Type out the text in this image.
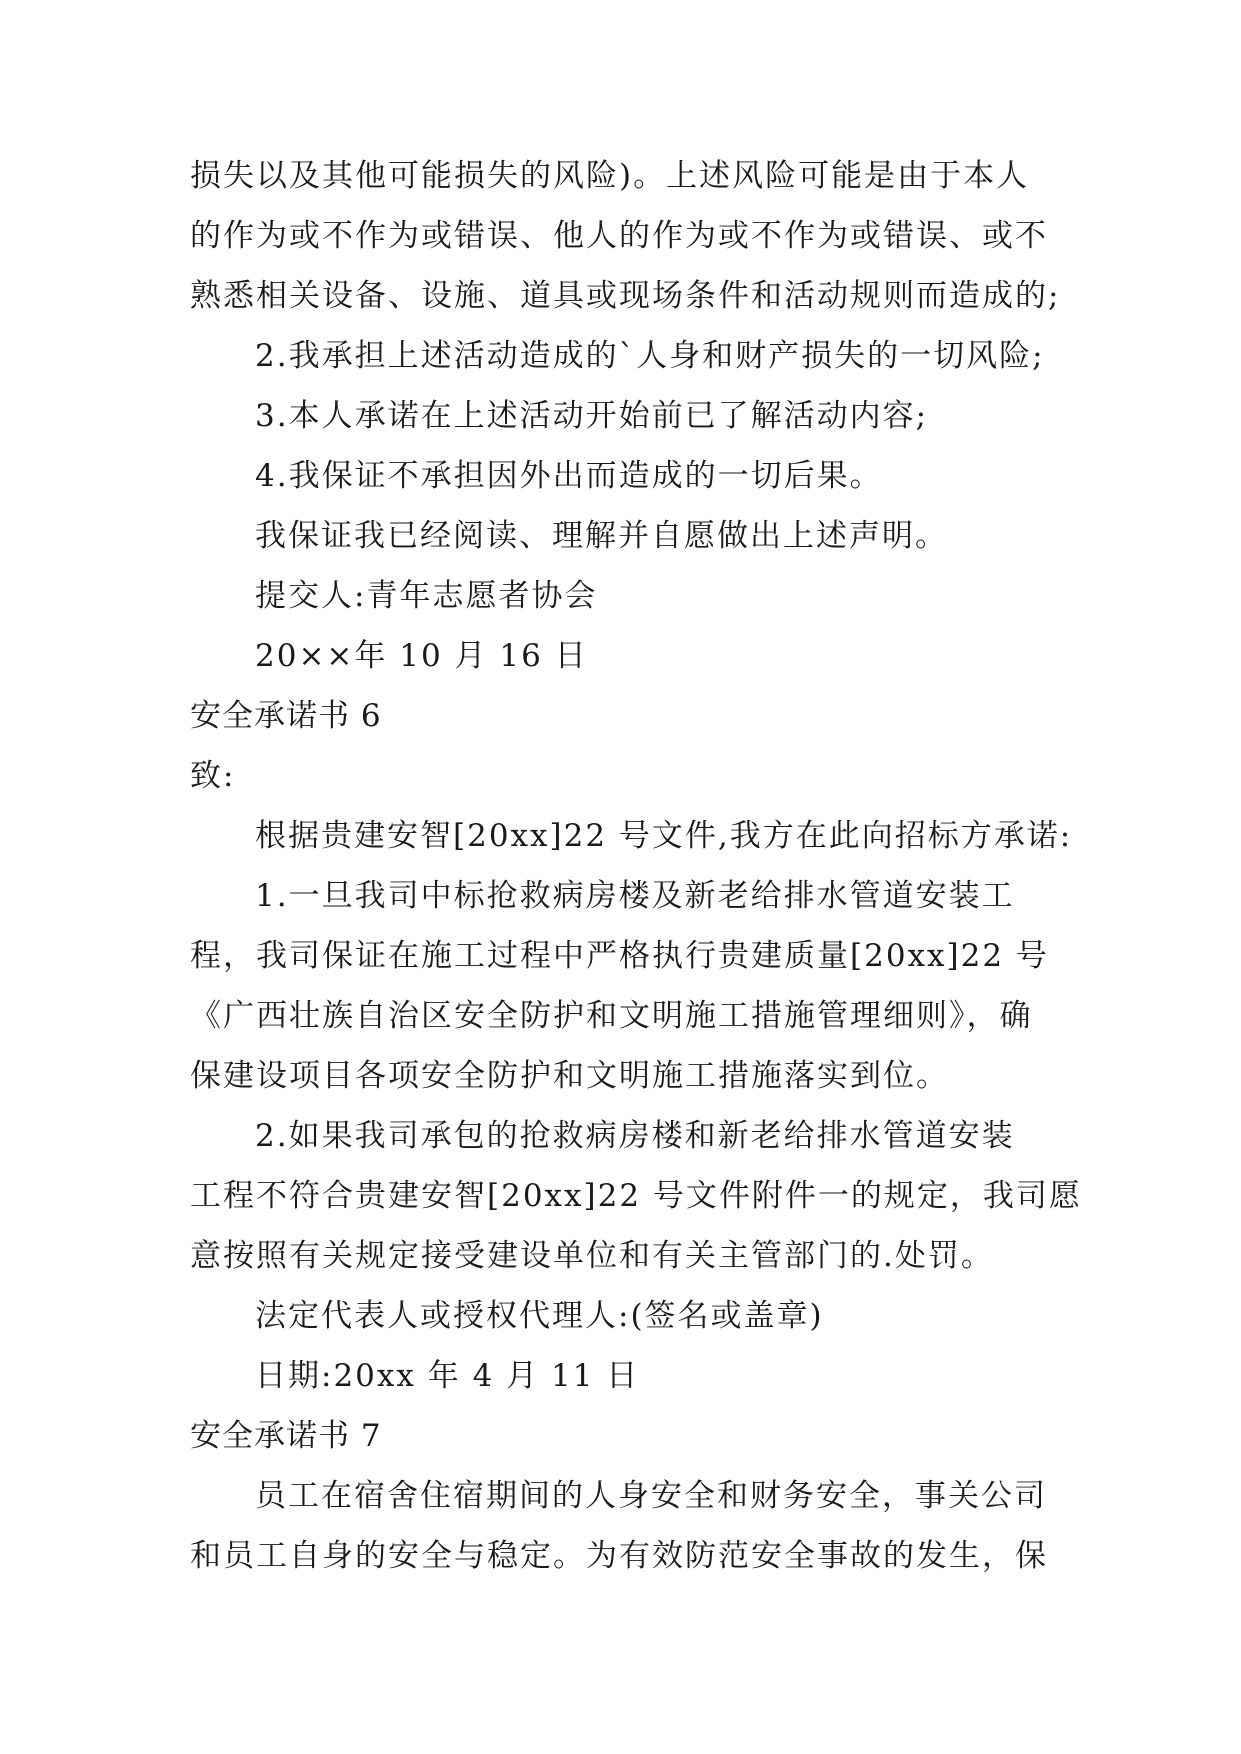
损失以及其他可能损失的风险)。上述风险可能是由于本人
的作为或不作为或错误、他人的作为或不作为或错误、或不
熟悉相关设备、设施、道具或现场条件和活动规则而造成的;
2.我承担上述活动造成的`人身和财产损失的一切风险;
3.本人承诺在上述活动开始前已了解活动内容;
4.我保证不承担因外出而造成的一切后果。
我保证我已经阅读、理解并自愿做出上述声明。
提交人:青年志愿者协会
20××年 10 月 16 日
安全承诺书 6
致:
根据贵建安智[20xx]22 号文件,我方在此向招标方承诺:
1.一旦我司中标抢救病房楼及新老给排水管道安装工
程，我司保证在施工过程中严格执行贵建质量[20xx]22 号
《广西壮族自治区安全防护和文明施工措施管理细则》，确
保建设项目各项安全防护和文明施工措施落实到位。
2.如果我司承包的抢救病房楼和新老给排水管道安装
工程不符合贵建安智[20xx]22 号文件附件一的规定，我司愿
意按照有关规定接受建设单位和有关主管部门的.处罚。
法定代表人或授权代理人:(签名或盖章)
日期:20xx 年 4 月 11 日
安全承诺书 7
员工在宿舍住宿期间的人身安全和财务安全，事关公司
和员工自身的安全与稳定。为有效防范安全事故的发生，保
